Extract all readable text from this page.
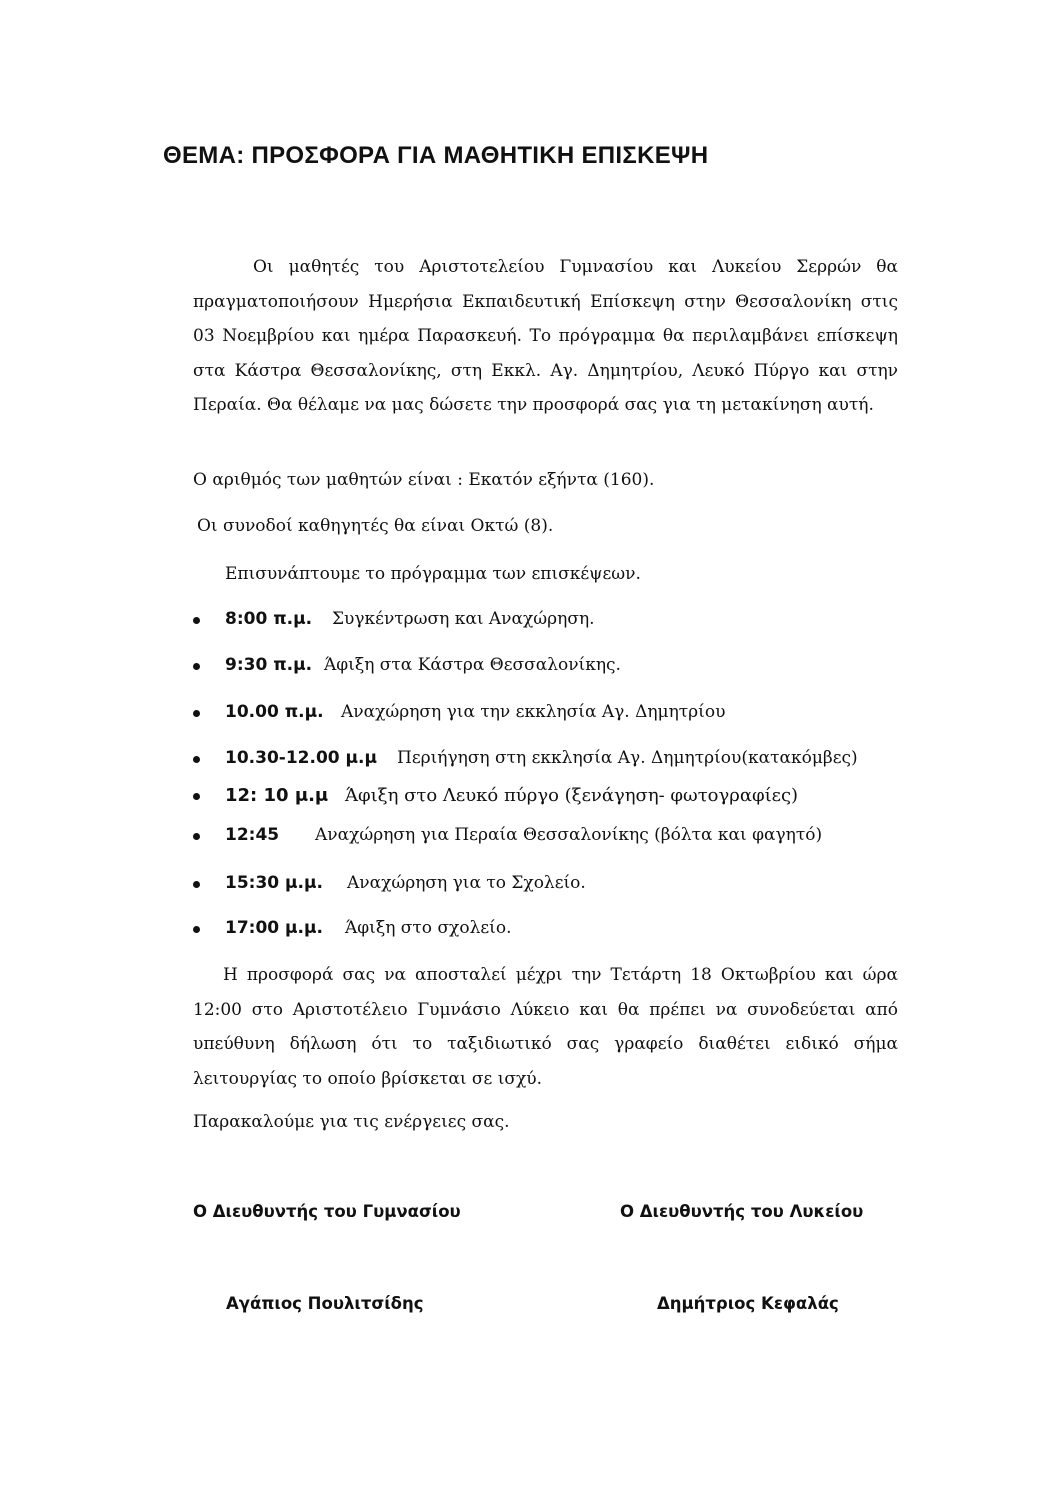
ΘΕΜΑ: ΠΡΟΣΦΟΡΑ ΓΙΑ ΜΑΘΗΤΙΚΗ ΕΠΙΣΚΕΨΗ

Οι μαθητές του Αριστοτελείου Γυμνασίου και Λυκείου Σερρών θα πραγματοποιήσουν Ημερήσια Εκπαιδευτική Επίσκεψη στην Θεσσαλονίκη στις 03 Νοεμβρίου και ημέρα Παρασκευή. Το πρόγραμμα θα περιλαμβάνει επίσκεψη στα Κάστρα Θεσσαλονίκης, στη Εκκλ. Αγ. Δημητρίου, Λευκό Πύργο και στην Περαία. Θα θέλαμε να μας δώσετε την προσφορά σας για τη μετακίνηση αυτή.

Ο αριθμός των μαθητών είναι : Εκατόν εξήντα (160).

Οι συνοδοί καθηγητές θα είναι Οκτώ (8).

Επισυνάπτουμε το πρόγραμμα των επισκέψεων.

8:00 π.μ. Συγκέντρωση και Αναχώρηση.
9:30 π.μ. Άφιξη στα Κάστρα Θεσσαλονίκης.
10.00 π.μ. Αναχώρηση για την εκκλησία Αγ. Δημητρίου
10.30-12.00 μ.μ Περιήγηση στη εκκλησία Αγ. Δημητρίου(κατακόμβες)
12: 10 μ.μ Άφιξη στο Λευκό πύργο (ξενάγηση- φωτογραφίες)
12:45 Αναχώρηση για Περαία Θεσσαλονίκης (βόλτα και φαγητό)
15:30 μ.μ. Αναχώρηση για το Σχολείο.
17:00 μ.μ. Άφιξη στο σχολείο.

Η προσφορά σας να αποσταλεί μέχρι την Τετάρτη 18 Οκτωβρίου και ώρα 12:00 στο Αριστοτέλειο Γυμνάσιο Λύκειο και θα πρέπει να συνοδεύεται από υπεύθυνη δήλωση ότι το ταξιδιωτικό σας γραφείο διαθέτει ειδικό σήμα λειτουργίας το οποίο βρίσκεται σε ισχύ.

Παρακαλούμε για τις ενέργειες σας.

Ο Διευθυντής του Γυμνασίου	Ο Διευθυντής του Λυκείου

Αγάπιος Πουλιτσίδης	Δημήτριος Κεφαλάς
